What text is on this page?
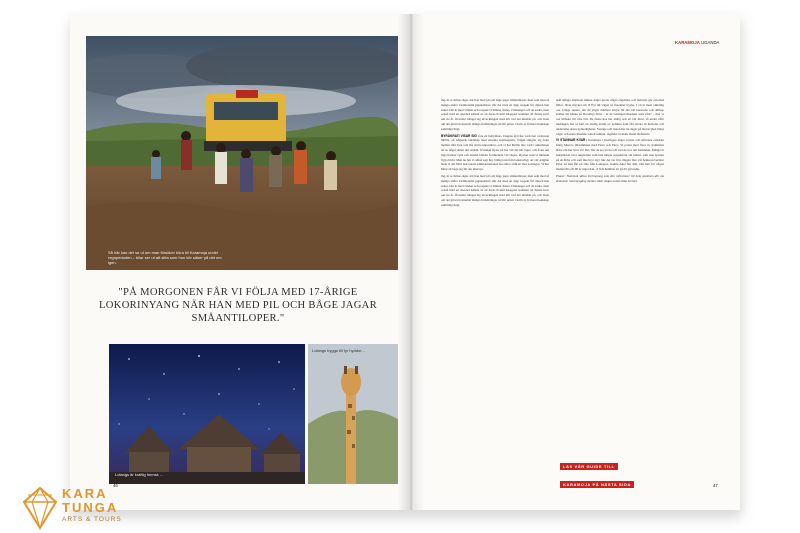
Så här kan det se ut om man försöker köra till Karamoja under regnperioden – bilar ser ut att sitta som hon kör säker på det om igen.
"PÅ MORGONEN FÅR VI FÖLJA MED 17-ÅRIGE LOKORINYANG NÄR HAN MED PIL OCH BÅGE JAGAR SMÅANTILOPER."
Lolangs är kraftig hemsk ...
Lolangs byggs till fyr hyddor...
KARAMOJA UGANDA

ing, ni re Julius säger, när han med pil och båge jagar småantiloper, men som med så många andra traditionella jägekulturer slår det med en djup respekt för djuren han sökar. Det är med vinden och respekt vi lämnar Julies, Chenanget och de andra, men också med en oberörd känsla av att deras livsstil knappast kommer att finnas kvar om tio år. Översikt tränger sig utvecklingen med allt vad det innebär på, och även om det givetvis innebär många förbättringar så blir priset i form av förlorad kunskap samtidigt högt.

BYRÅKRATI VISAR SIG vara ett heltymnas. Dagens nytt har varit den vackraste hittills, ett böljande landskap med enorma stenmagasin, Vägen slingrar sig fram mellan små byar och lite större köpcentrer, och vi har hittills inte varit i säkerheten att se något annat rätt snabbt. Kvinnan flyter på bra vid det här laget, och även om inga turister syns och antalet bilister fortfarande vid vägen, mycket som vi räknade flyga förbi. Men nu har vi alltså sagt hej, bildigt om från bokstavligt. Av sitt artighet hade vi det förbi den lokala administrationen hos nära i min ett mer Lomagos. Vi har hittat att bege sig till det intervju.

ing, ni re Julius säger, när han med pil och båge jagar småantiloper, men som med så många andra traditionella jägekulturer slår det med en djup respekt för djuren han sökar. Det är med vinden och respekt vi lämnar Julies, Chenanget och de andra, men också med en oberörd känsla av att deras livsstil knappast kommer att finnas kvar om tio år. Översikt tränger sig utvecklingen med allt vad det innebär på, och även om det givetvis innebär många förbättringar så blir priset i form av förlorad kunskap samtidigt högt.

skål många etterkom mäster några protar några engelska, och mötdret gör om med fällor. Jävla mycket om vi flyt till vägen av mackiter trycks. I ett är mest omkring oss. Länge senare, när de yngre männen börjar bli lite väl berusade och allihop krimer till känna på Dorothys bröst – är de verkligen likadana som våra? – drar vi oss tillbaka till våra tält. De flesta hos har aldrig sett ett tält förut, så under efter middagen har vi haft en stadig ström av nyfikna som fått sticka in huvudet och undersöka dessa nymodigheter. Sverige och resten har nu dagar på motorcykel längs vägar och utan rinnande vatten samma. Ägandet är mark bland invånarna.

VI STANNAR KVAR i Karamoja i ytterligare några veckor och utforskar området kring Moroto tillsammans med Peter och Theo. Vi prater med flera av stammens äldre om hur livet var förr, hur de ser på nu och vad de tror om framtiden. Många är bekymrade över ungdomar som inte längre respekterar sin kultur, som inte lyssnar på de äldre och som inte bryr sig i hur det var förr. Dagen före vår hemresa berättar Peter att han fått ett sms från Lomagos. Gamle Akol har dött. Om han var någon mellan 80 och 90 år säger han, vi fick hemlöst att gå dit på besök.

Planer: Nammok sättos Turimojang som den reflexioner till hela stammen allt via drömmar, hurumergång mellan söker skapa också olika turister.

LÄS VÅR GUIDE TILL
KARAMOJA PÅ NÄSTA SIDA
46	47
KARA
TUNGA
ARTS & TOURS
